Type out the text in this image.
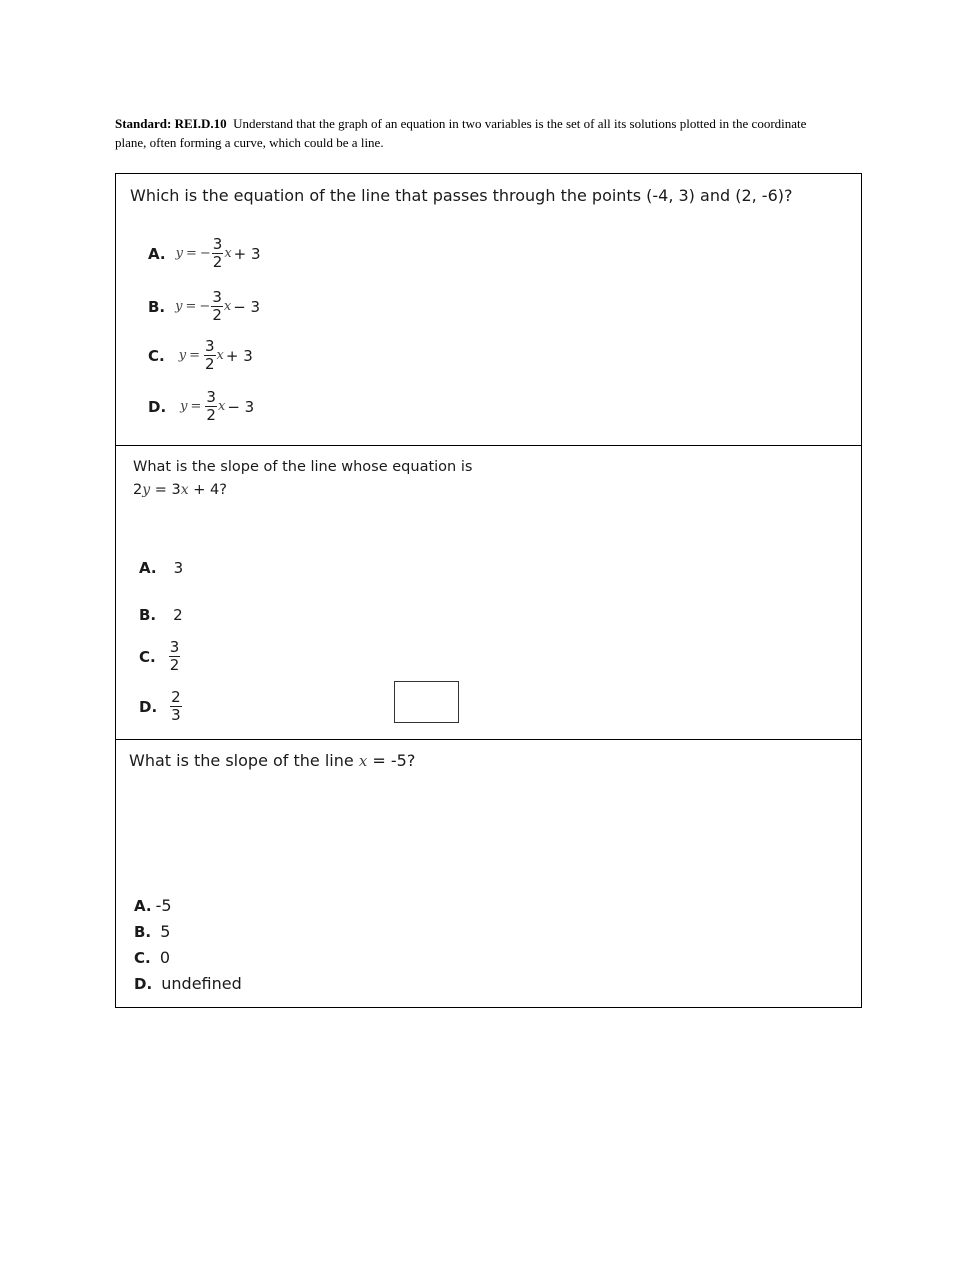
Standard: REI.D.10 Understand that the graph of an equation in two variables is the set of all its solutions plotted in the coordinate plane, often forming a curve, which could be a line.
Which is the equation of the line that passes through the points (-4, 3) and (2, -6)?
A. y = − $\frac{3}{2}$ x + 3
B. y = − $\frac{3}{2}$ x − 3
C. $y = \frac{3}{2}$ x + 3
D. $y = \frac{3}{2}$ x − 3
What is the slope of the line whose equation is
2y = 3x + 4?
A. 3
B. 2
C. $\frac{3}{2}$
D. $\frac{2}{3}$
What is the slope of the line x = -5?
A. -5
B. 5
C. 0
D. undefined
